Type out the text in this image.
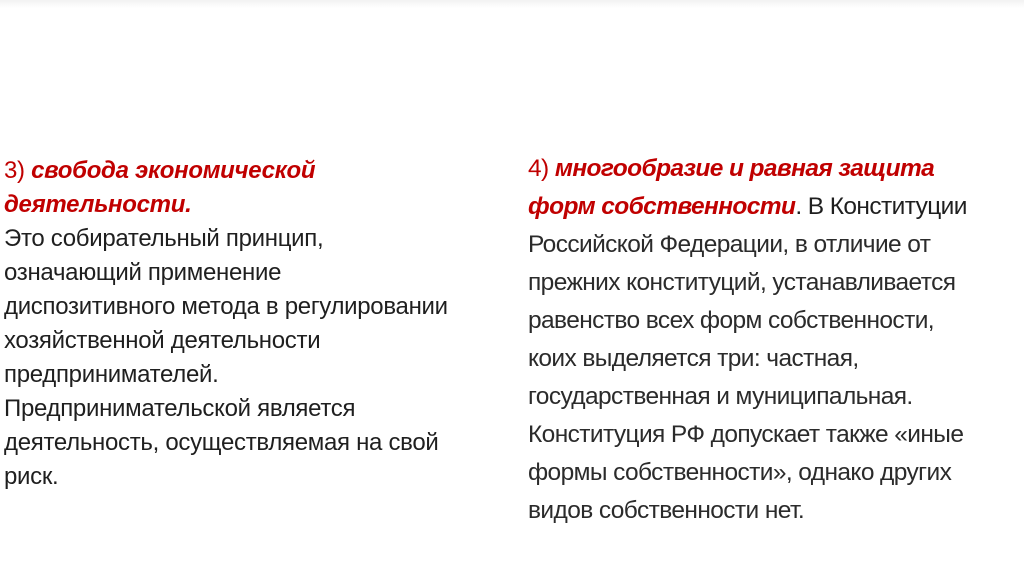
3) свобода экономической
деятельности.
Это собирательный принцип,
означающий применение
диспозитивного метода в регулировании
хозяйственной деятельности
предпринимателей.
Предпринимательской является
деятельность, осуществляемая на свой
риск.
4) многообразие и равная защита
форм собственности. В Конституции
Российской Федерации, в отличие от
прежних конституций, устанавливается
равенство всех форм собственности,
коих выделяется три: частная,
государственная и муниципальная.
Конституция РФ допускает также «иные
формы собственности», однако других
видов собственности нет.
